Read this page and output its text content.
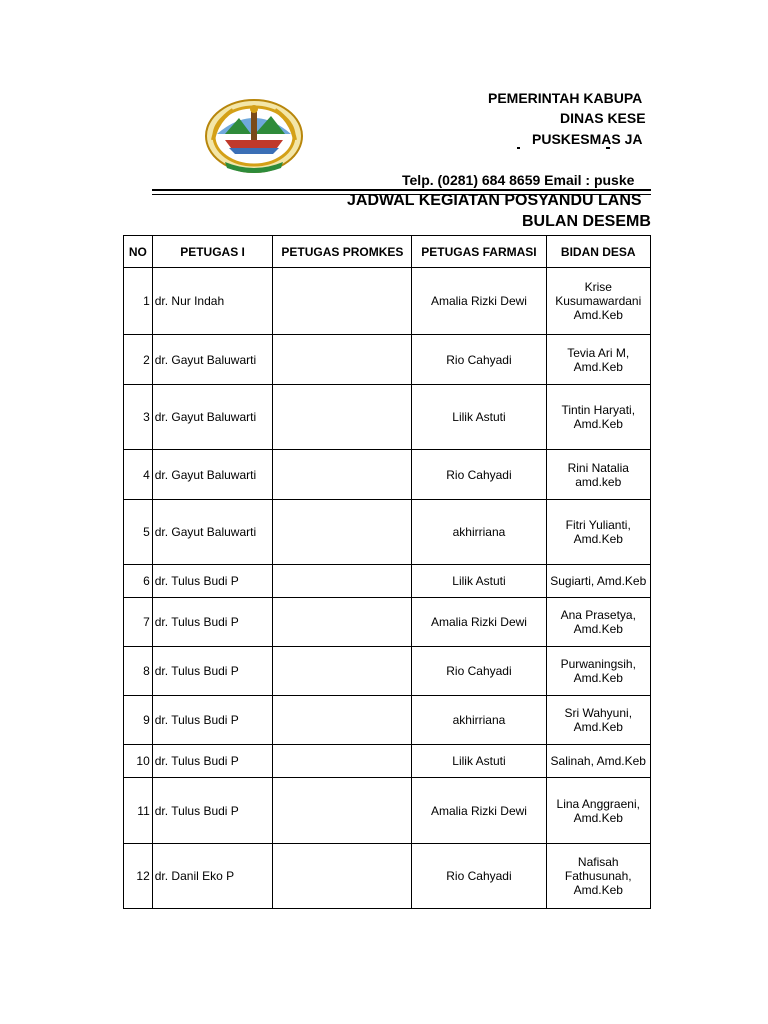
PEMERINTAH KABUPA
DINAS KESE
PUSKESMAS JA
Telp. (0281) 684 8659 Email : puske
JADWAL KEGIATAN POSYANDU LANS
BULAN DESEMB
NO	PETUGAS I	PETUGAS PROMKES	PETUGAS FARMASI	BIDAN DESA
1	dr. Nur Indah		Amalia Rizki Dewi	Krise Kusumawardani Amd.Keb
2	dr. Gayut Baluwarti		Rio Cahyadi	Tevia Ari M, Amd.Keb
3	dr. Gayut Baluwarti		Lilik Astuti	Tintin Haryati, Amd.Keb
4	dr. Gayut Baluwarti		Rio Cahyadi	Rini Natalia amd.keb
5	dr. Gayut Baluwarti		akhirriana	Fitri Yulianti, Amd.Keb
6	dr. Tulus Budi P		Lilik Astuti	Sugiarti, Amd.Keb
7	dr. Tulus Budi P		Amalia Rizki Dewi	Ana Prasetya, Amd.Keb
8	dr. Tulus Budi P		Rio Cahyadi	Purwaningsih, Amd.Keb
9	dr. Tulus Budi P		akhirriana	Sri Wahyuni, Amd.Keb
10	dr. Tulus Budi P		Lilik Astuti	Salinah, Amd.Keb
11	dr. Tulus Budi P		Amalia Rizki Dewi	Lina Anggraeni, Amd.Keb
12	dr. Danil Eko P		Rio Cahyadi	Nafisah Fathusunah, Amd.Keb
